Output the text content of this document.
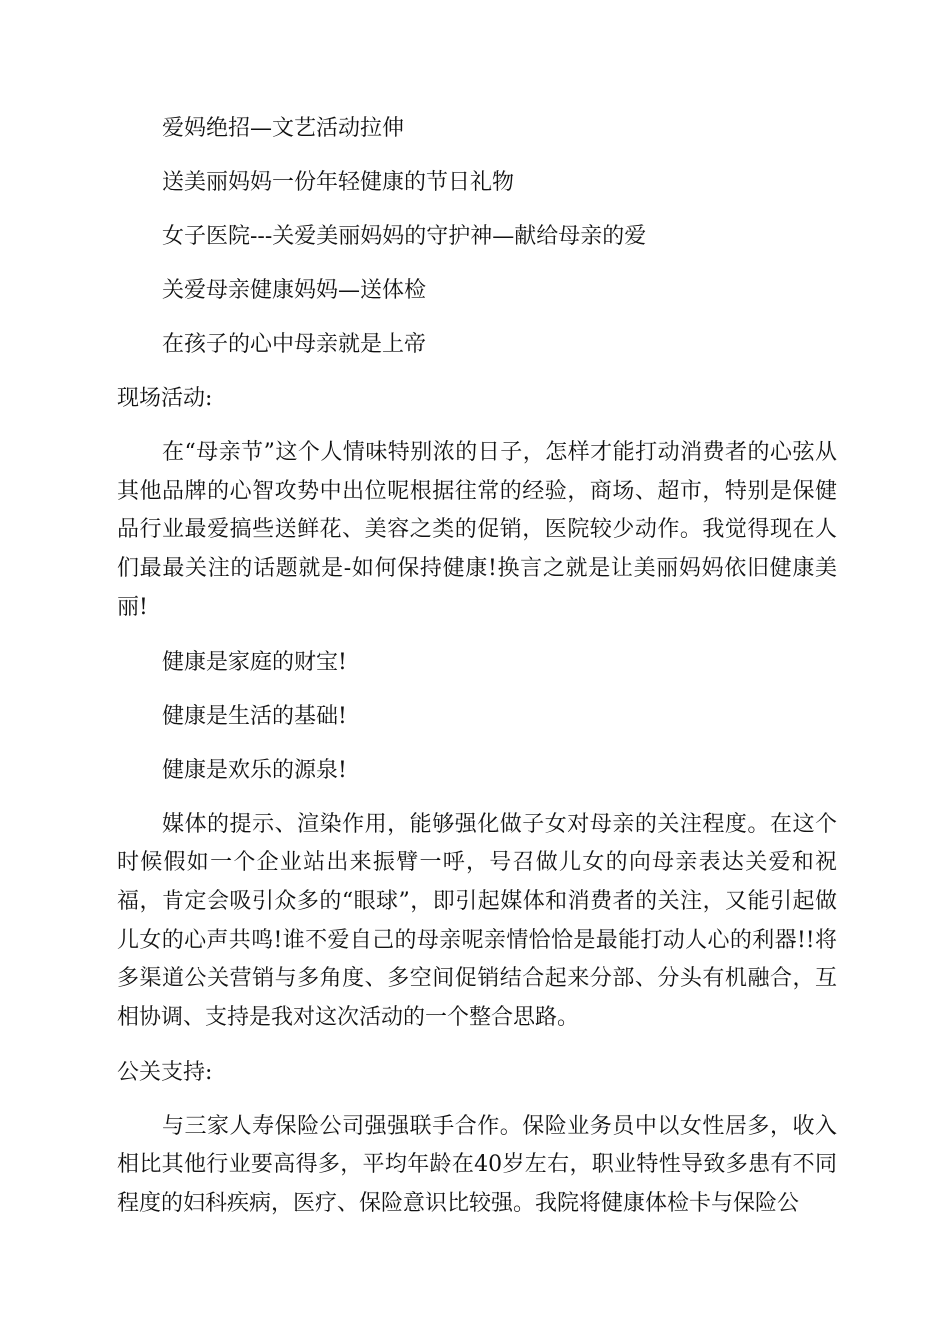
爱妈绝招—文艺活动拉伸

送美丽妈妈一份年轻健康的节日礼物

女子医院---关爱美丽妈妈的守护神—献给母亲的爱

关爱母亲健康妈妈—送体检

在孩子的心中母亲就是上帝

现场活动:

在“母亲节”这个人情味特别浓的日子，怎样才能打动消费者的心弦从其他品牌的心智攻势中出位呢根据往常的经验，商场、超市，特别是保健品行业最爱搞些送鲜花、美容之类的促销，医院较少动作。我觉得现在人们最最关注的话题就是-如何保持健康!换言之就是让美丽妈妈依旧健康美丽!

健康是家庭的财宝!

健康是生活的基础!

健康是欢乐的源泉!

媒体的提示、渲染作用，能够强化做子女对母亲的关注程度。在这个时候假如一个企业站出来振臂一呼，号召做儿女的向母亲表达关爱和祝福，肯定会吸引众多的“眼球”，即引起媒体和消费者的关注，又能引起做儿女的心声共鸣!谁不爱自己的母亲呢亲情恰恰是最能打动人心的利器!!将多渠道公关营销与多角度、多空间促销结合起来分部、分头有机融合，互相协调、支持是我对这次活动的一个整合思路。

公关支持:

与三家人寿保险公司强强联手合作。保险业务员中以女性居多，收入相比其他行业要高得多，平均年龄在40岁左右，职业特性导致多患有不同程度的妇科疾病，医疗、保险意识比较强。我院将健康体检卡与保险公
